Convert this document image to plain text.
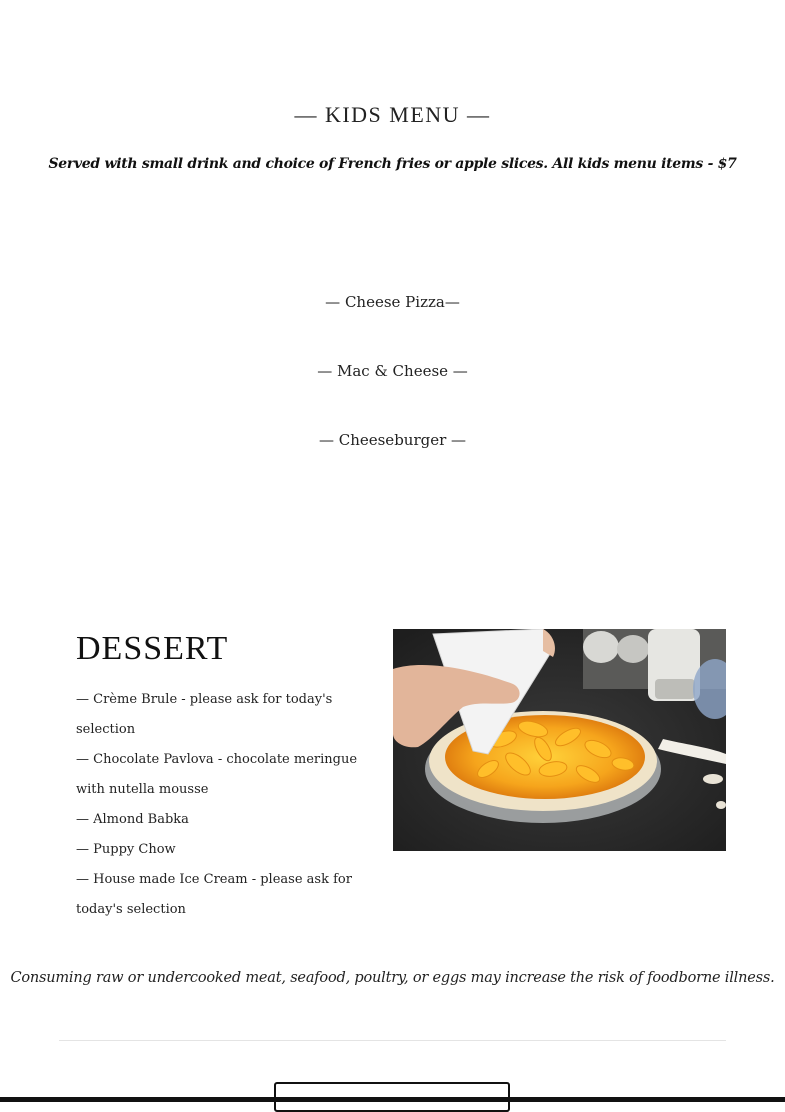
— KIDS MENU —
Served with small drink and choice of French fries or apple slices. All kids menu items - $7
— Cheese Pizza—
— Mac & Cheese —
— Cheeseburger —
DESSERT
— Crème Brule - please ask for today's selection
— Chocolate Pavlova - chocolate meringue with nutella mousse
— Almond Babka
— Puppy Chow
— House made Ice Cream - please ask for today's selection
Consuming raw or undercooked meat, seafood, poultry, or eggs may increase the risk of foodborne illness.
